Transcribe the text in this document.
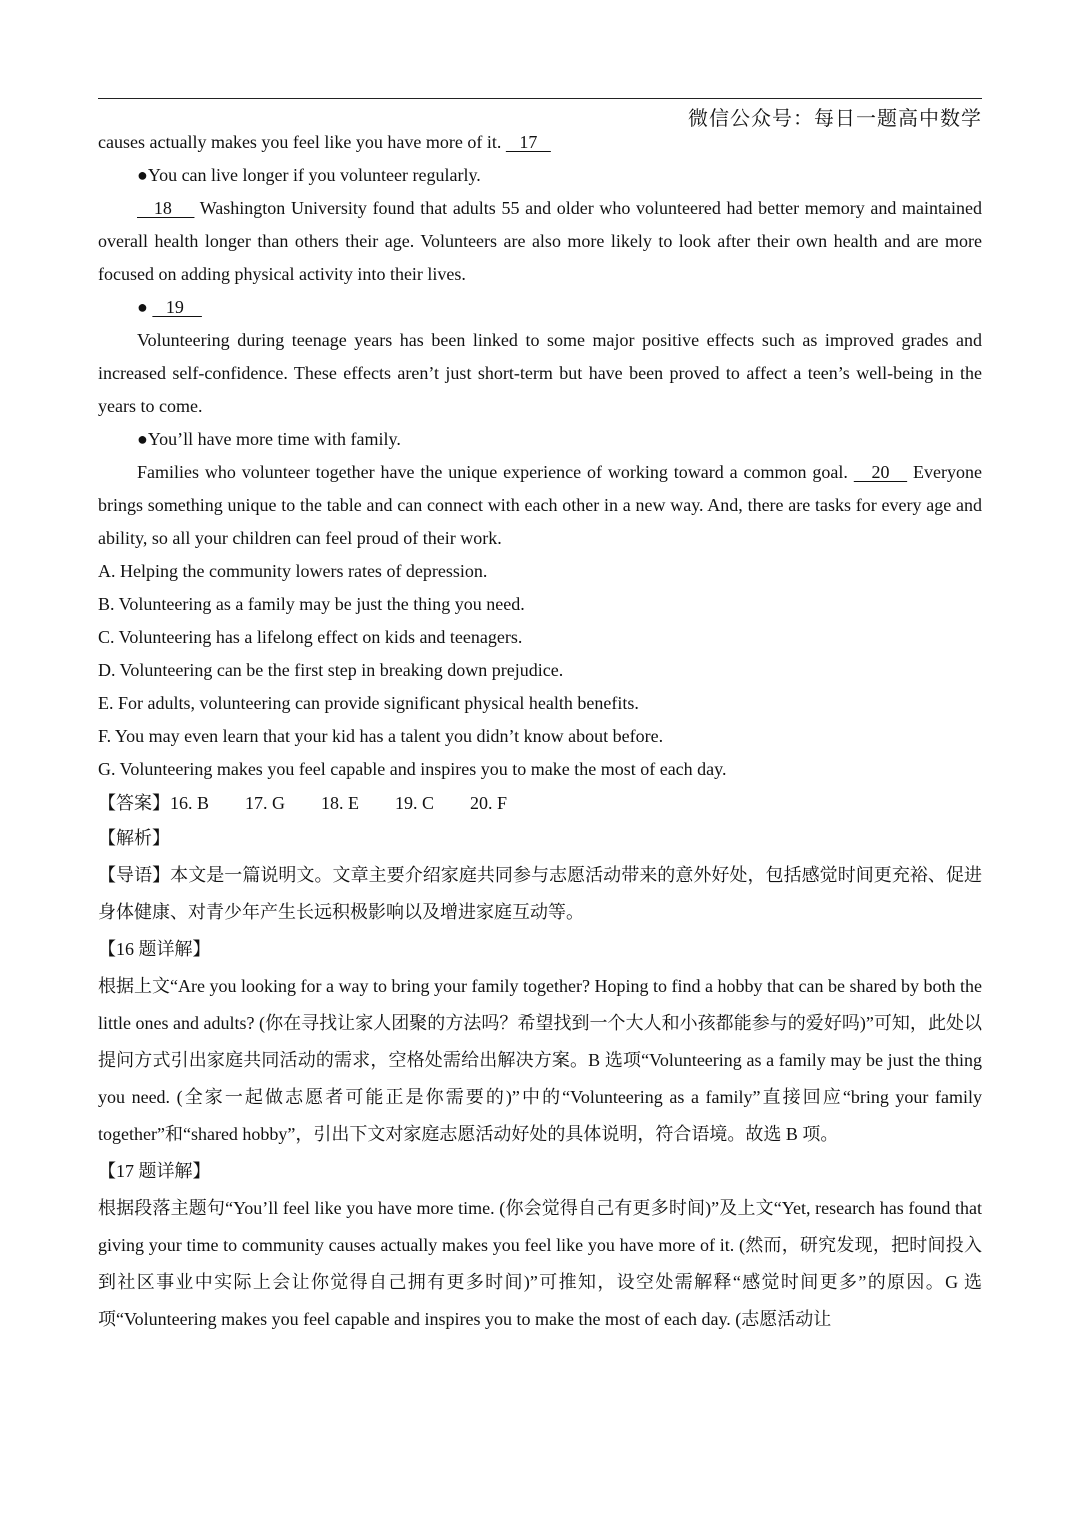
微信公众号：每日一题高中数学

causes actually makes you feel like you have more of it.    17

●You can live longer if you volunteer regularly.

18     Washington University found that adults 55 and older who volunteered had better memory and maintained overall health longer than others their age. Volunteers are also more likely to look after their own health and are more focused on adding physical activity into their lives.

●    19

Volunteering during teenage years has been linked to some major positive effects such as improved grades and increased self-confidence. These effects aren’t just short-term but have been proved to affect a teen’s well-being in the years to come.

●You’ll have more time with family.

Families who volunteer together have the unique experience of working toward a common goal.    20    Everyone brings something unique to the table and can connect with each other in a new way. And, there are tasks for every age and ability, so all your children can feel proud of their work.

A. Helping the community lowers rates of depression.

B. Volunteering as a family may be just the thing you need.

C. Volunteering has a lifelong effect on kids and teenagers.

D. Volunteering can be the first step in breaking down prejudice.

E. For adults, volunteering can provide significant physical health benefits.

F. You may even learn that your kid has a talent you didn’t know about before.

G. Volunteering makes you feel capable and inspires you to make the most of each day.

【答案】16. B        17. G        18. E        19. C        20. F

【解析】

【导语】本文是一篇说明文。文章主要介绍家庭共同参与志愿活动带来的意外好处，包括感觉时间更充裕、促进身体健康、对青少年产生长远积极影响以及增进家庭互动等。

【16 题详解】

根据上文“Are you looking for a way to bring your family together? Hoping to find a hobby that can be shared by both the little ones and adults? (你在寻找让家人团聚的方法吗？希望找到一个大人和小孩都能参与的爱好吗)”可知，此处以提问方式引出家庭共同活动的需求，空格处需给出解决方案。B 选项“Volunteering as a family may be just the thing you need. (全家一起做志愿者可能正是你需要的)”中的“Volunteering as a family”直接回应“bring your family together”和“shared hobby”，引出下文对家庭志愿活动好处的具体说明，符合语境。故选 B 项。

【17 题详解】

根据段落主题句“You’ll feel like you have more time. (你会觉得自己有更多时间)”及上文“Yet, research has found that giving your time to community causes actually makes you feel like you have more of it. (然而，研究发现，把时间投入到社区事业中实际上会让你觉得自己拥有更多时间)”可推知，设空处需解释“感觉时间更多”的原因。G 选项“Volunteering makes you feel capable and inspires you to make the most of each day. (志愿活动让
